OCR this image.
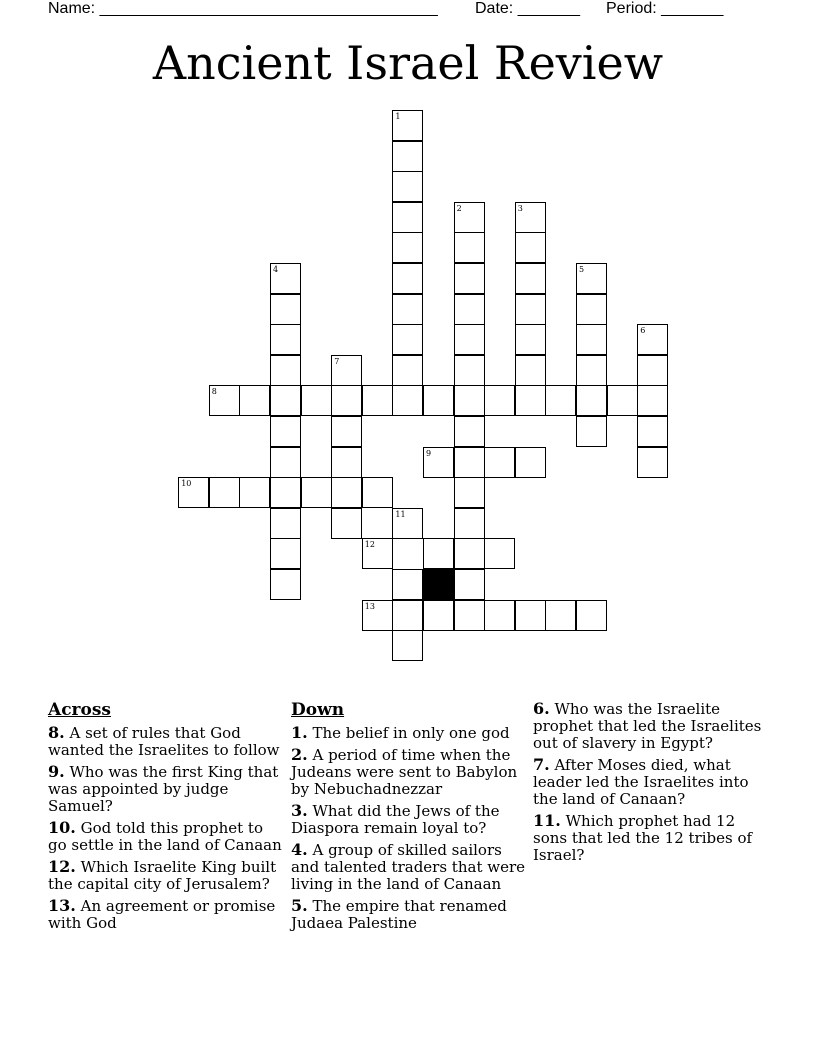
Name: ______________________________________ Date: _______ Period: _______
Ancient Israel Review
1
2	3
4	5
6
7
8
9
10
11
12
13
Across
8. A set of rules that God wanted the Israelites to follow
9. Who was the first King that was appointed by judge Samuel?
10. God told this prophet to go settle in the land of Canaan
12. Which Israelite King built the capital city of Jerusalem?
13. An agreement or promise with God
Down
1. The belief in only one god
2. A period of time when the Judeans were sent to Babylon by Nebuchadnezzar
3. What did the Jews of the Diaspora remain loyal to?
4. A group of skilled sailors and talented traders that were living in the land of Canaan
5. The empire that renamed Judaea Palestine
6. Who was the Israelite prophet that led the Israelites out of slavery in Egypt?
7. After Moses died, what leader led the Israelites into the land of Canaan?
11. Which prophet had 12 sons that led the 12 tribes of Israel?
